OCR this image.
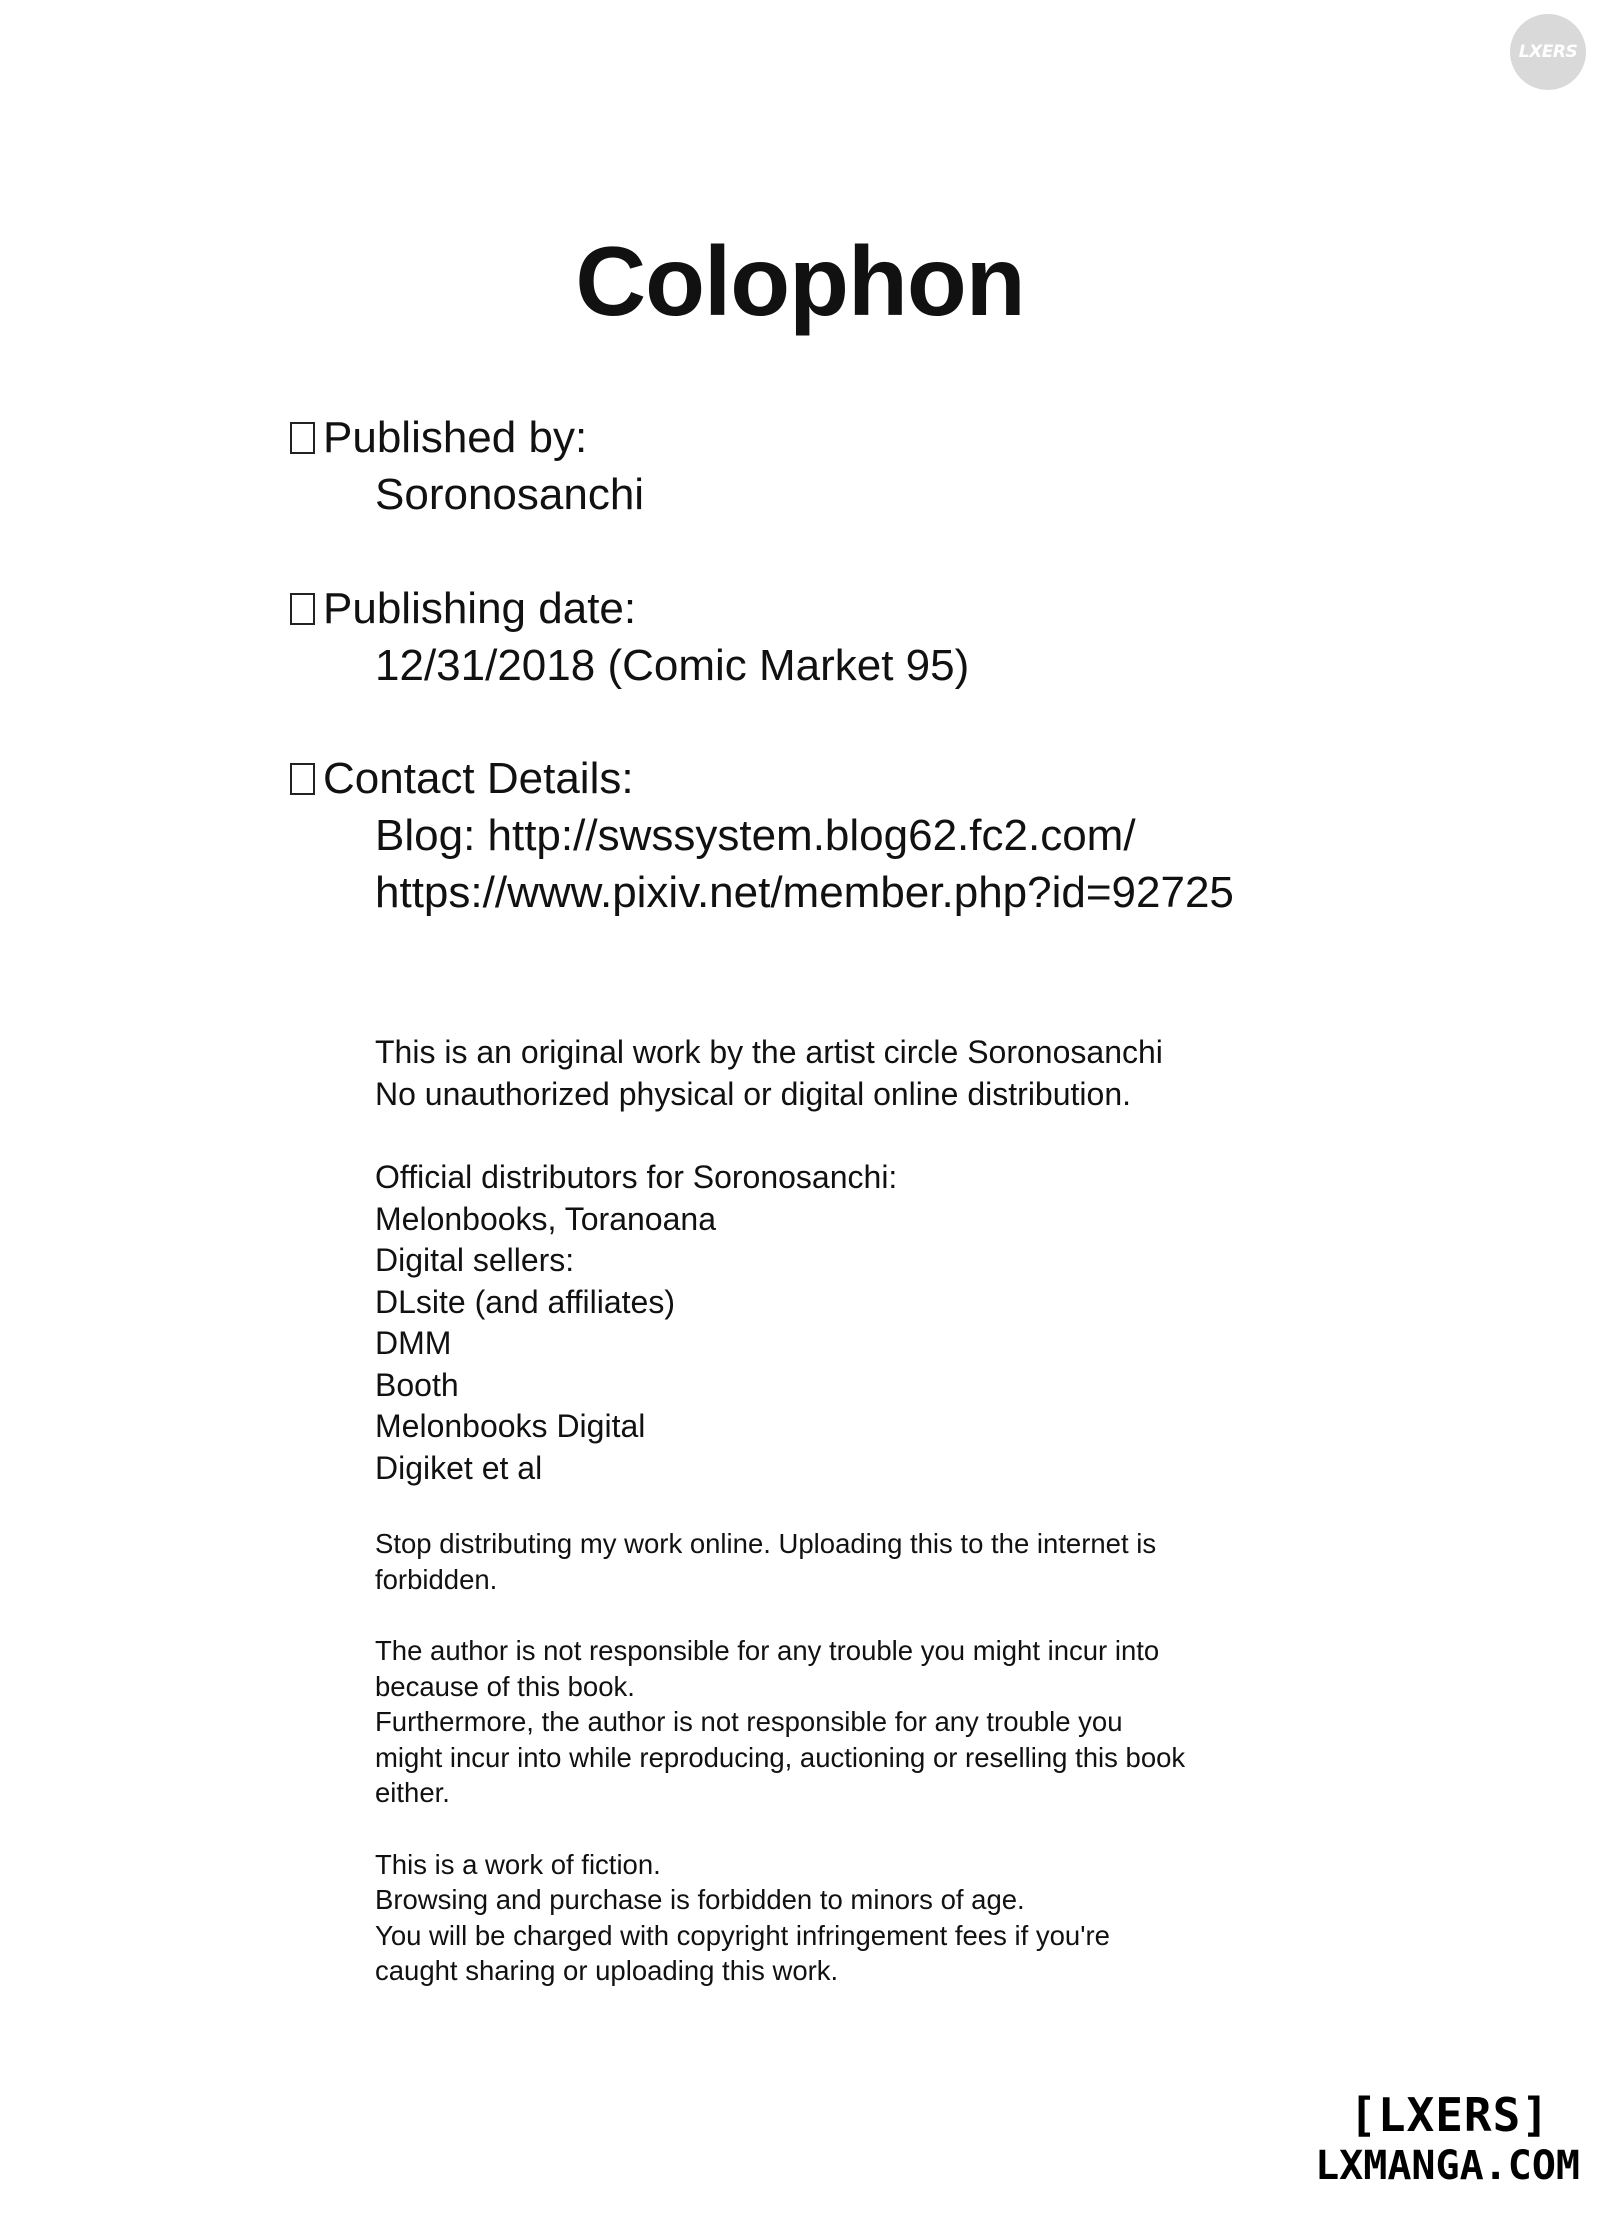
LXERS
Colophon
Published by:
Soronosanchi
Publishing date:
12/31/2018 (Comic Market 95)
Contact Details:
Blog: http://swssystem.blog62.fc2.com/
https://www.pixiv.net/member.php?id=92725

This is an original work by the artist circle Soronosanchi

No unauthorized physical or digital online distribution.

Official distributors for Soronosanchi:

Melonbooks, Toranoana

Digital sellers:

DLsite (and affiliates)

DMM

Booth

Melonbooks Digital

Digiket et al

Stop distributing my work online. Uploading this to the internet is

forbidden.

The author is not responsible for any trouble you might incur into

because of this book.

Furthermore, the author is not responsible for any trouble you

might incur into while reproducing, auctioning or reselling this book

either.

This is a work of fiction.

Browsing and purchase is forbidden to minors of age.

You will be charged with copyright infringement fees if you're

caught sharing or uploading this work.

[LXERS]
LXMANGA.COM
